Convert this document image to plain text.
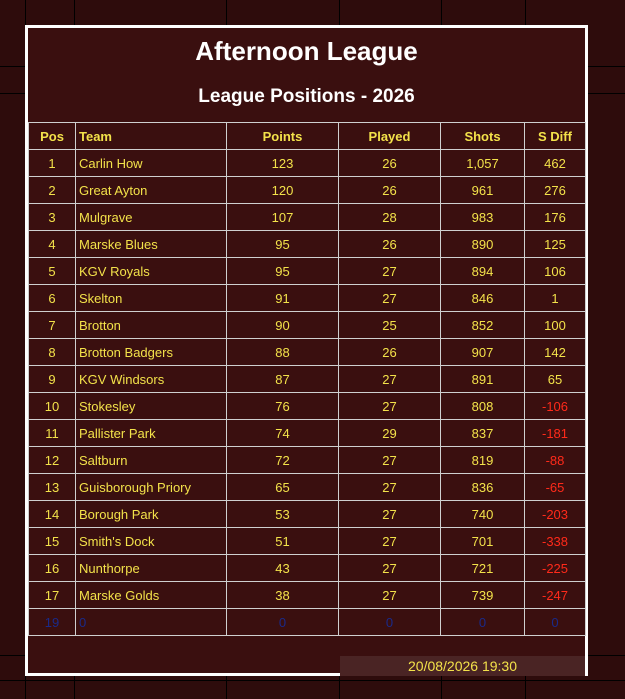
Afternoon League
League Positions - 2026
Pos	Team	Points	Played	Shots	S Diff
1	Carlin How	123	26	1,057	462
2	Great Ayton	120	26	961	276
3	Mulgrave	107	28	983	176
4	Marske Blues	95	26	890	125
5	KGV Royals	95	27	894	106
6	Skelton	91	27	846	1
7	Brotton	90	25	852	100
8	Brotton Badgers	88	26	907	142
9	KGV Windsors	87	27	891	65
10	Stokesley	76	27	808	-106
11	Pallister Park	74	29	837	-181
12	Saltburn	72	27	819	-88
13	Guisborough Priory	65	27	836	-65
14	Borough Park	53	27	740	-203
15	Smith's Dock	51	27	701	-338
16	Nunthorpe	43	27	721	-225
17	Marske Golds	38	27	739	-247
19	0	0	0	0	0
20/08/2026 19:30
